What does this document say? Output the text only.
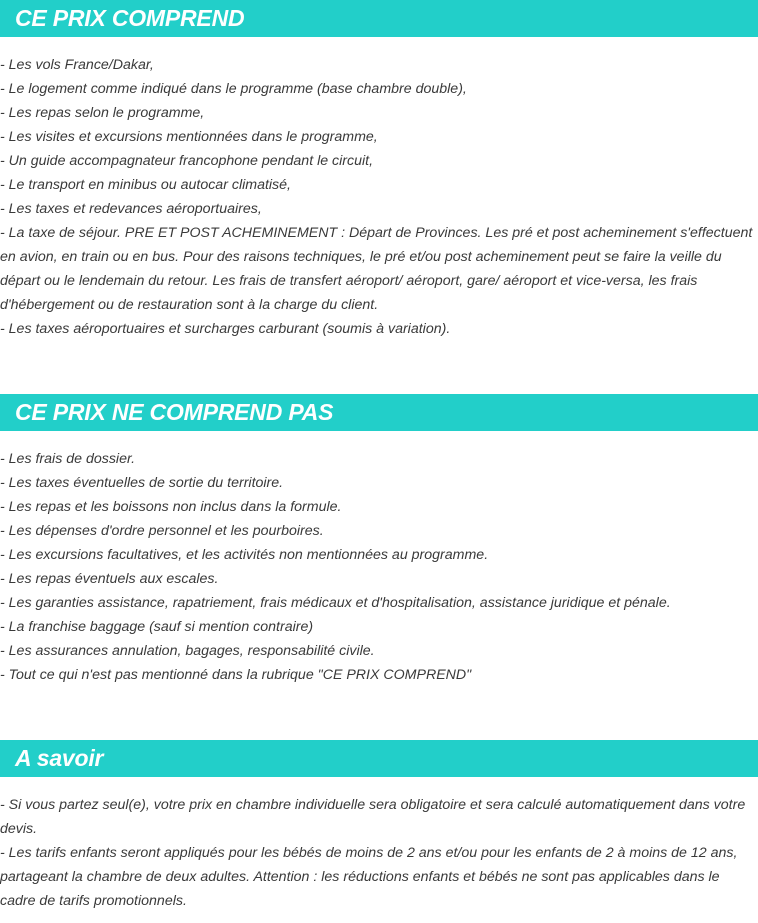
CE PRIX COMPREND
- Les vols France/Dakar,
- Le logement comme indiqué dans le programme (base chambre double),
- Les repas selon le programme,
- Les visites et excursions mentionnées dans le programme,
- Un guide accompagnateur francophone pendant le circuit,
- Le transport en minibus ou autocar climatisé,
- Les taxes et redevances aéroportuaires,
- La taxe de séjour. PRE ET POST ACHEMINEMENT : Départ de Provinces. Les pré et post acheminement s'effectuent en avion, en train ou en bus. Pour des raisons techniques, le pré et/ou post acheminement peut se faire la veille du départ ou le lendemain du retour. Les frais de transfert aéroport/ aéroport, gare/ aéroport et vice-versa, les frais d'hébergement ou de restauration sont à la charge du client.
- Les taxes aéroportuaires et surcharges carburant (soumis à variation).
CE PRIX NE COMPREND PAS
- Les frais de dossier.
- Les taxes éventuelles de sortie du territoire.
- Les repas et les boissons non inclus dans la formule.
- Les dépenses d'ordre personnel et les pourboires.
- Les excursions facultatives, et les activités non mentionnées au programme.
- Les repas éventuels aux escales.
- Les garanties assistance, rapatriement, frais médicaux et d'hospitalisation, assistance juridique et pénale.
- La franchise baggage (sauf si mention contraire)
- Les assurances annulation, bagages, responsabilité civile.
- Tout ce qui n'est pas mentionné dans la rubrique "CE PRIX COMPREND"
A savoir
- Si vous partez seul(e), votre prix en chambre individuelle sera obligatoire et sera calculé automatiquement dans votre devis.
- Les tarifs enfants seront appliqués pour les bébés de moins de 2 ans et/ou pour les enfants de 2 à moins de 12 ans, partageant la chambre de deux adultes. Attention : les réductions enfants et bébés ne sont pas applicables dans le cadre de tarifs promotionnels.
